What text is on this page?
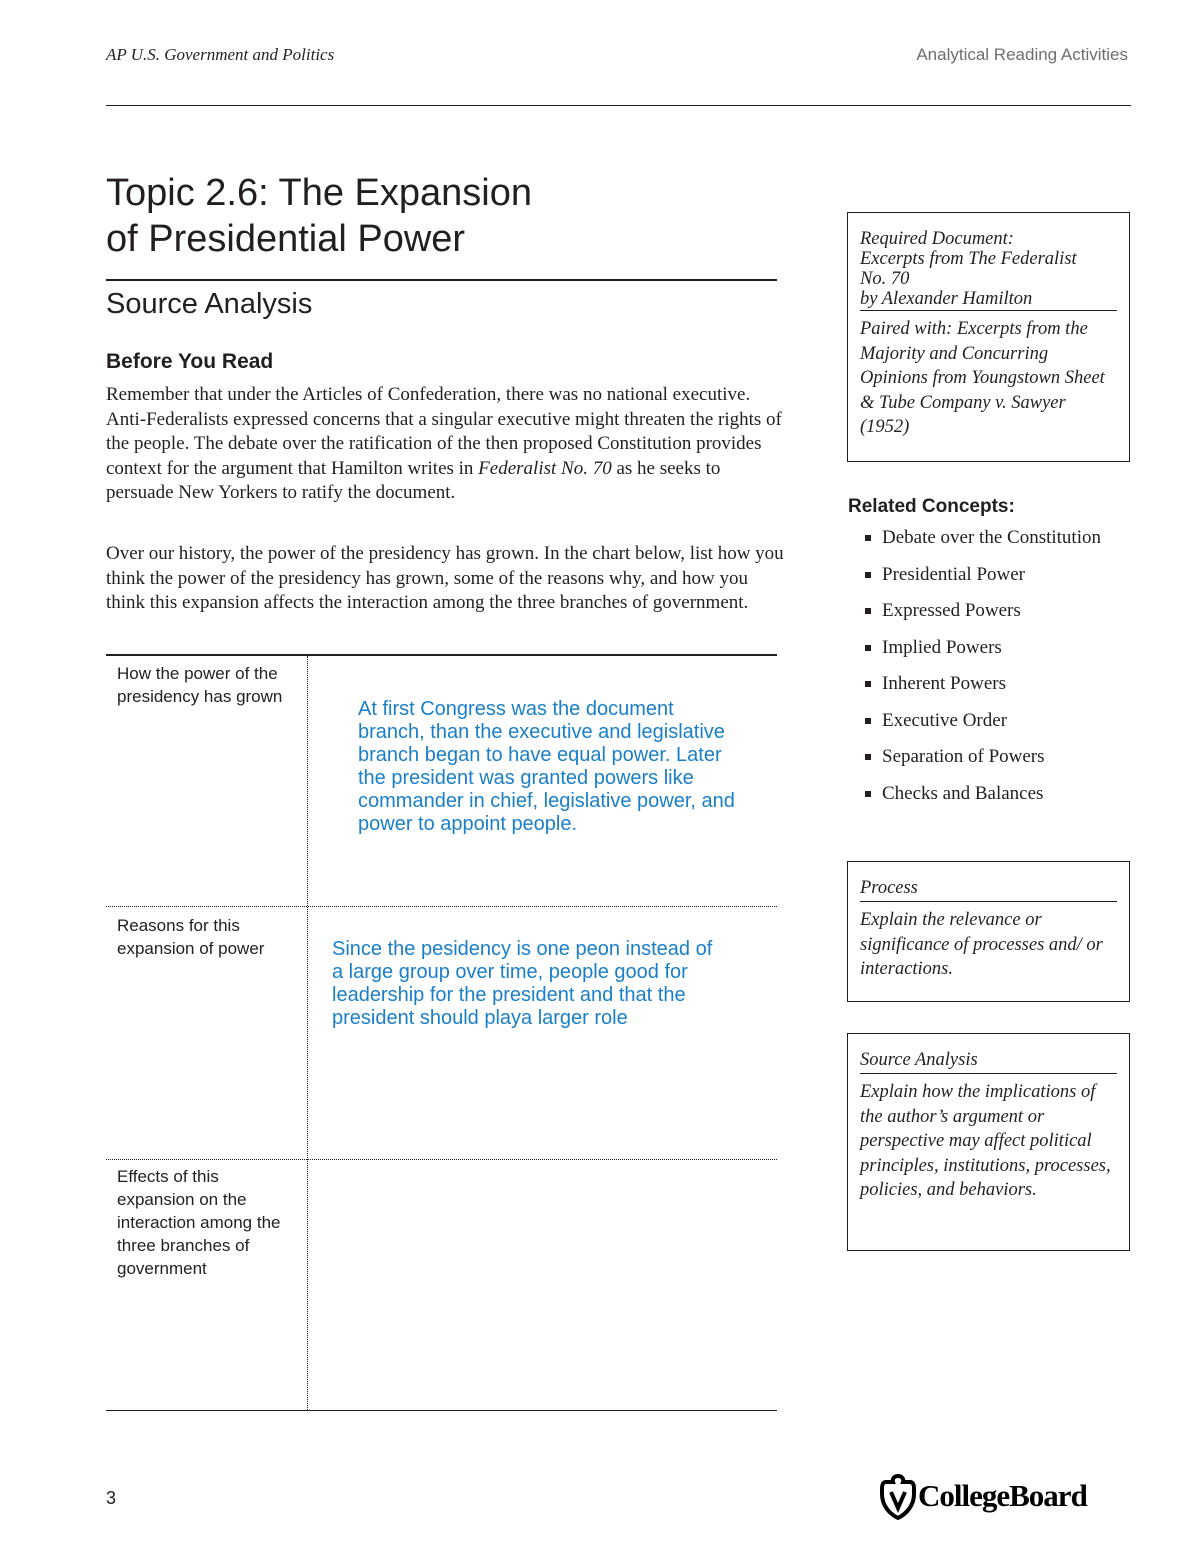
AP U.S. Government and Politics	Analytical Reading Activities
Topic 2.6: The Expansion
of Presidential Power
Source Analysis
Before You Read
Remember that under the Articles of Confederation, there was no national executive. Anti-Federalists expressed concerns that a singular executive might threaten the rights of the people. The debate over the ratification of the then proposed Constitution provides context for the argument that Hamilton writes in Federalist No. 70 as he seeks to persuade New Yorkers to ratify the document.
Over our history, the power of the presidency has grown. In the chart below, list how you think the power of the presidency has grown, some of the reasons why, and how you think this expansion affects the interaction among the three branches of government.
How the power of the presidency has grown
Reasons for this expansion of power
Effects of this expansion on the interaction among the three branches of government
At first Congress was the document branch, than the executive and legislative branch began to have equal power. Later the president was granted powers like commander in chief, legislative power, and power to appoint people.
Since the pesidency is one peon instead of a large group over time, people good for leadership for the president and that the president should playa larger role
Required Document:
Excerpts from The Federalist
No. 70
by Alexander Hamilton
Paired with: Excerpts from the Majority and Concurring Opinions from Youngstown Sheet & Tube Company v. Sawyer (1952)
Related Concepts:
Debate over the Constitution
Presidential Power
Expressed Powers
Implied Powers
Inherent Powers
Executive Order
Separation of Powers
Checks and Balances
Process
Explain the relevance or significance of processes and/ or interactions.
Source Analysis
Explain how the implications of the author’s argument or perspective may affect political principles, institutions, processes, policies, and behaviors.
3	CollegeBoard
